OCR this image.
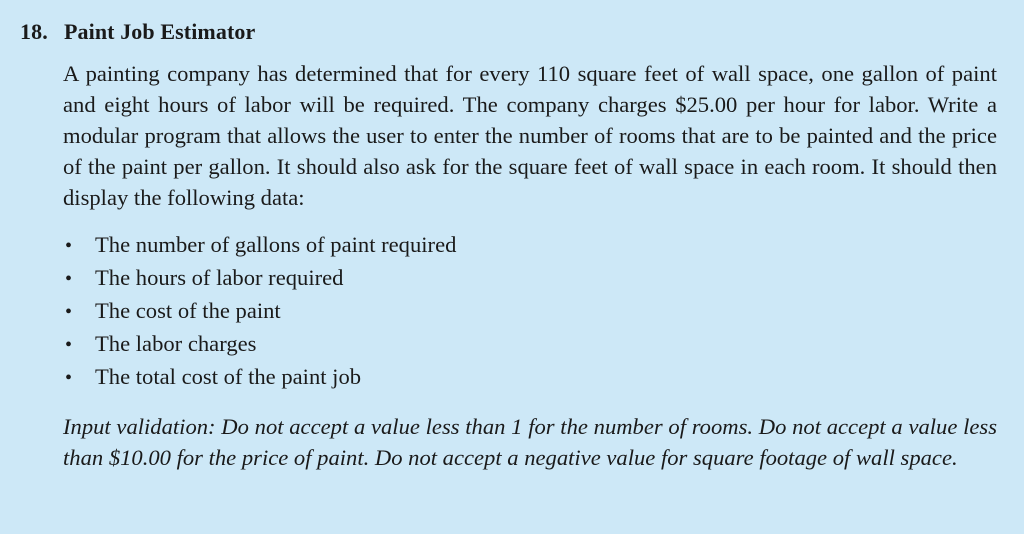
18. Paint Job Estimator

A painting company has determined that for every 110 square feet of wall space, one gallon of paint and eight hours of labor will be required. The company charges $25.00 per hour for labor. Write a modular program that allows the user to enter the number of rooms that are to be painted and the price of the paint per gallon. It should also ask for the square feet of wall space in each room. It should then display the following data:

•	The number of gallons of paint required
•	The hours of labor required
•	The cost of the paint
•	The labor charges
•	The total cost of the paint job

Input validation: Do not accept a value less than 1 for the number of rooms. Do not accept a value less than $10.00 for the price of paint. Do not accept a negative value for square footage of wall space.
